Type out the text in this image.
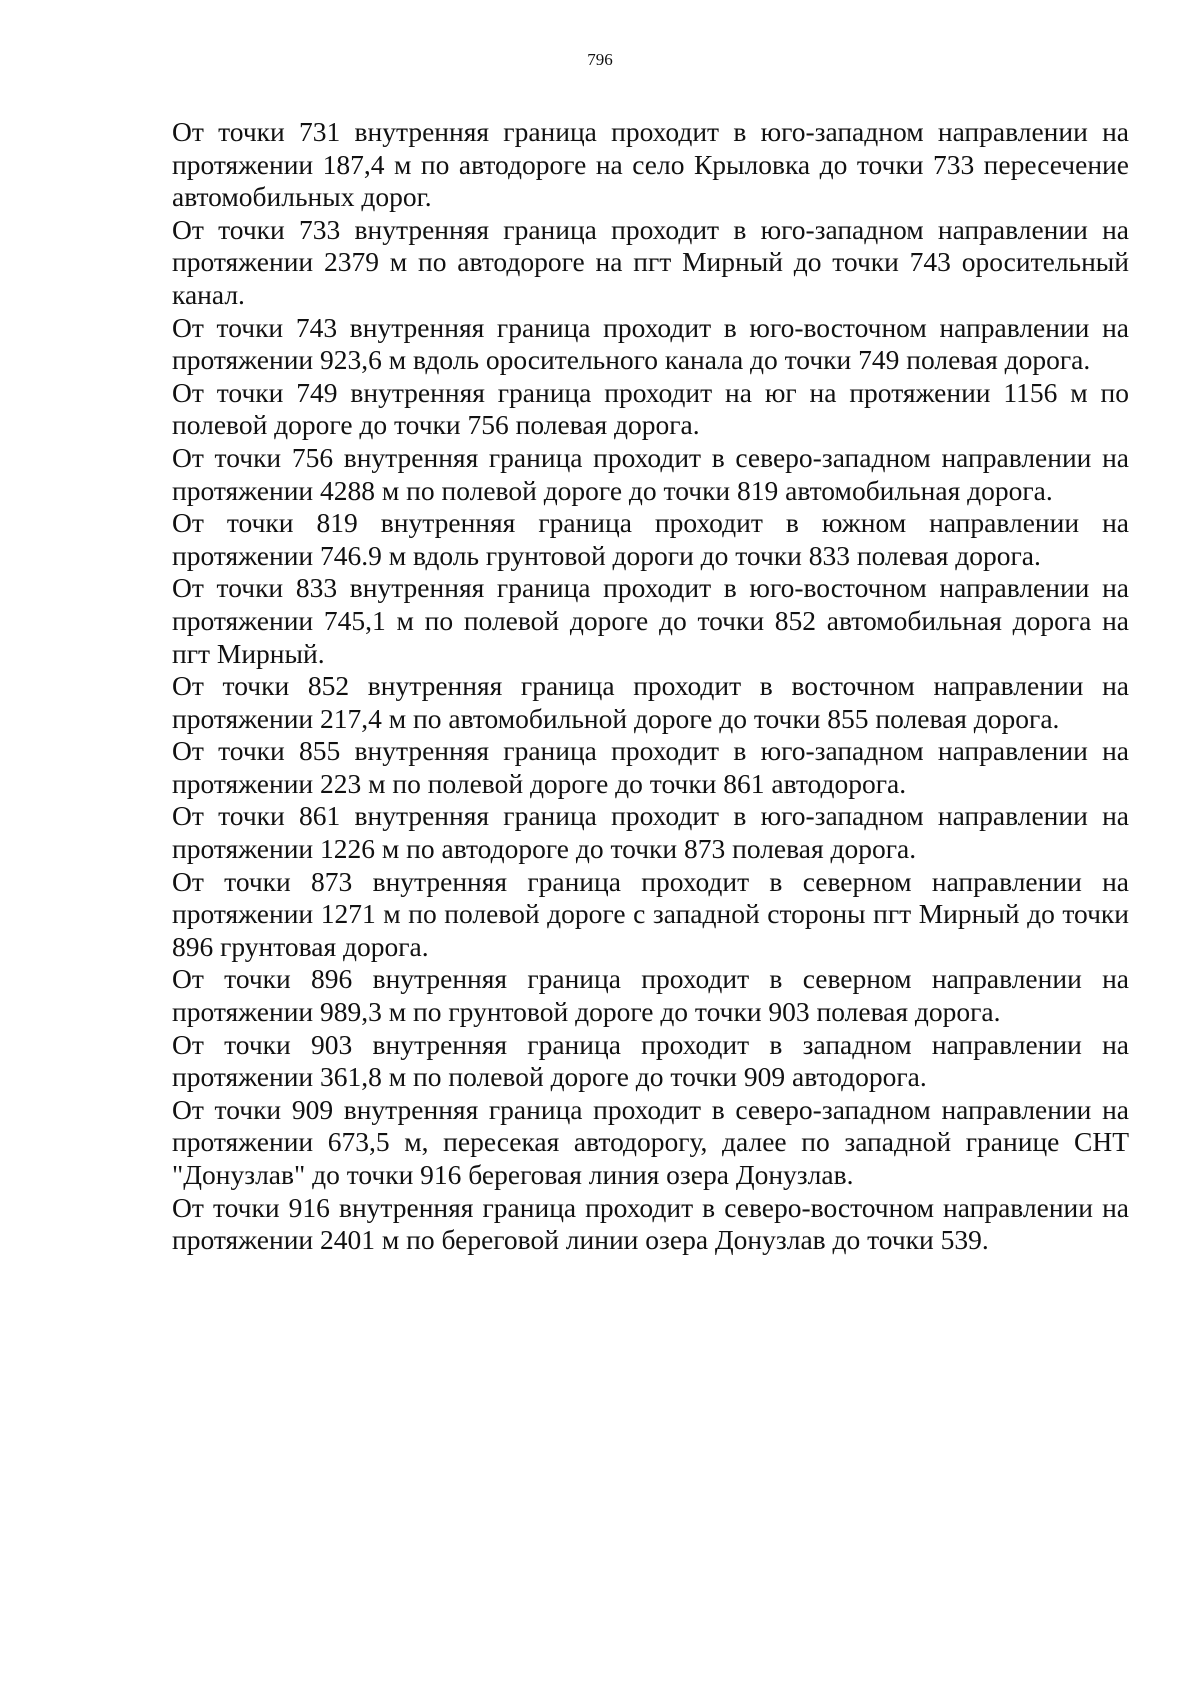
796

От точки 731 внутренняя граница проходит в юго-западном направлении на протяжении 187,4 м по автодороге на село Крыловка до точки 733 пересечение автомобильных дорог.

От точки 733 внутренняя граница проходит в юго-западном направлении на протяжении 2379 м по автодороге на пгт Мирный до точки 743 оросительный канал.

От точки 743 внутренняя граница проходит в юго-восточном направлении на протяжении 923,6 м вдоль оросительного канала до точки 749 полевая дорога.

От точки 749 внутренняя граница проходит на юг на протяжении 1156 м по полевой дороге до точки 756 полевая дорога.

От точки 756 внутренняя граница проходит в северо-западном направлении на протяжении 4288 м по полевой дороге до точки 819 автомобильная дорога.

От точки 819 внутренняя граница проходит в южном направлении на протяжении 746.9 м вдоль грунтовой дороги до точки 833 полевая дорога.

От точки 833 внутренняя граница проходит в юго-восточном направлении на протяжении 745,1 м по полевой дороге до точки 852 автомобильная дорога на пгт Мирный.

От точки 852 внутренняя граница проходит в восточном направлении на протяжении 217,4 м по автомобильной дороге до точки 855 полевая дорога.

От точки 855 внутренняя граница проходит в юго-западном направлении на протяжении 223 м по полевой дороге до точки 861 автодорога.

От точки 861 внутренняя граница проходит в юго-западном направлении на протяжении 1226 м по автодороге до точки 873 полевая дорога.

От точки 873 внутренняя граница проходит в северном направлении на протяжении 1271 м по полевой дороге с западной стороны пгт Мирный до точки 896 грунтовая дорога.

От точки 896 внутренняя граница проходит в северном направлении на протяжении 989,3 м по грунтовой дороге до точки 903 полевая дорога.

От точки 903 внутренняя граница проходит в западном направлении на протяжении 361,8 м по полевой дороге до точки 909 автодорога.

От точки 909 внутренняя граница проходит в северо-западном направлении на протяжении 673,5 м, пересекая автодорогу, далее по западной границе СНТ "Донузлав" до точки 916 береговая линия озера Донузлав.

От точки 916 внутренняя граница проходит в северо-восточном направлении на протяжении 2401 м по береговой линии озера Донузлав до точки 539.
